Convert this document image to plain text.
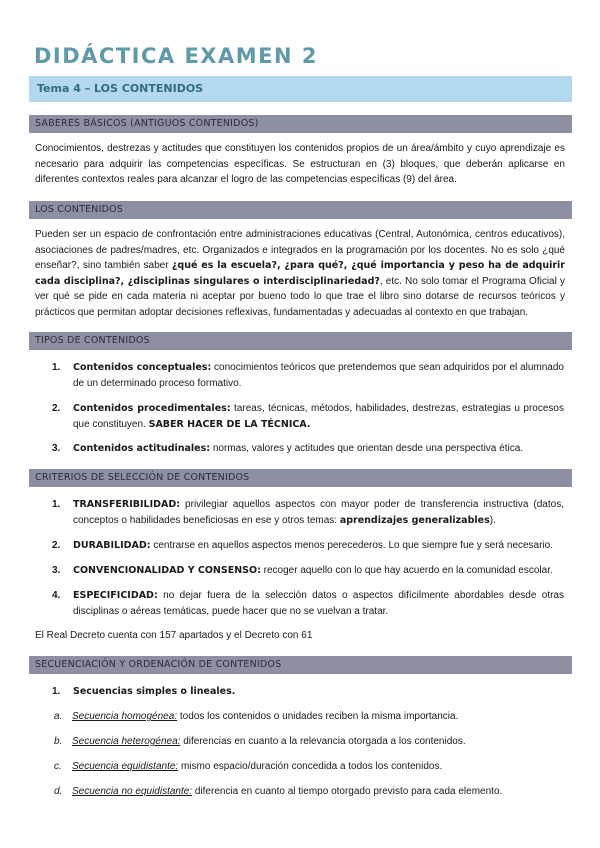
DIDÁCTICA EXAMEN 2
Tema 4 – LOS CONTENIDOS
SABERES BÁSICOS (ANTIGUOS CONTENIDOS)
Conocimientos, destrezas y actitudes que constituyen los contenidos propios de un área/ámbito y cuyo aprendizaje es necesario para adquirir las competencias específicas. Se estructuran en (3) bloques, que deberán aplicarse en diferentes contextos reales para alcanzar el logro de las competencias específicas (9) del área.
LOS CONTENIDOS
Pueden ser un espacio de confrontación entre administraciones educativas (Central, Autonómica, centros educativos), asociaciones de padres/madres, etc. Organizados e integrados en la programación por los docentes. No es solo ¿qué enseñar?, sino también saber ¿qué es la escuela?, ¿para qué?, ¿qué importancia y peso ha de adquirir cada disciplina?, ¿disciplinas singulares o interdisciplinariedad?, etc. No solo tomar el Programa Oficial y ver qué se pide en cada materia ni aceptar por bueno todo lo que trae el libro sino dotarse de recursos teóricos y prácticos que permitan adoptar decisiones reflexivas, fundamentadas y adecuadas al contexto en que trabajan.
TIPOS DE CONTENIDOS
1. Contenidos conceptuales: conocimientos teóricos que pretendemos que sean adquiridos por el alumnado de un determinado proceso formativo.
2. Contenidos procedimentales: tareas, técnicas, métodos, habilidades, destrezas, estrategias u procesos que constituyen. SABER HACER DE LA TÉCNICA.
3. Contenidos actitudinales: normas, valores y actitudes que orientan desde una perspectiva ética.
CRITERIOS DE SELECCIÓN DE CONTENIDOS
1. TRANSFERIBILIDAD: privilegiar aquellos aspectos con mayor poder de transferencia instructiva (datos, conceptos o habilidades beneficiosas en ese y otros temas: aprendizajes generalizables).
2. DURABILIDAD: centrarse en aquellos aspectos menos perecederos. Lo que siempre fue y será necesario.
3. CONVENCIONALIDAD Y CONSENSO: recoger aquello con lo que hay acuerdo en la comunidad escolar.
4. ESPECIFICIDAD: no dejar fuera de la selección datos o aspectos difícilmente abordables desde otras disciplinas o aéreas temáticas, puede hacer que no se vuelvan a tratar.
El Real Decreto cuenta con 157 apartados y el Decreto con 61
SECUENCIACIÓN Y ORDENACIÓN DE CONTENIDOS
1. Secuencias simples o lineales.
a. Secuencia homogénea: todos los contenidos o unidades reciben la misma importancia.
b. Secuencia heterogénea: diferencias en cuanto a la relevancia otorgada a los contenidos.
c. Secuencia equidistante: mismo espacio/duración concedida a todos los contenidos.
d. Secuencia no equidistante: diferencia en cuanto al tiempo otorgado previsto para cada elemento.
